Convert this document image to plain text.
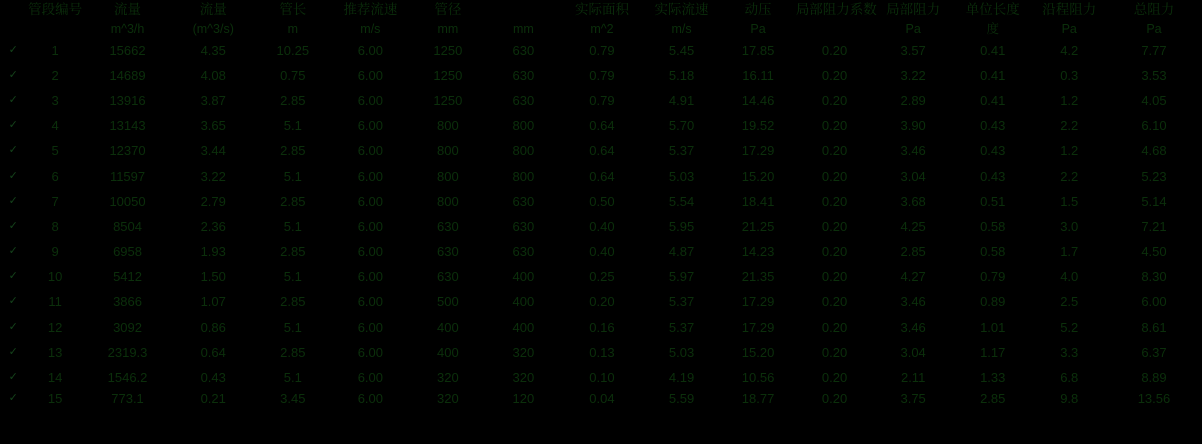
	管段编号	流量	流量	管长	推荐流速	管径		实际面积	实际流速	动压	局部阻力系数	局部阻力	单位长度	沿程阻力	总阻力
		m^3/h	(m^3/s)	m	m/s	mm	mm	m^2	m/s	Pa		Pa	度	Pa	Pa
✓	1	15662	4.35	10.25	6.00	1250	630	0.79	5.45	17.85	0.20	3.57	0.41	4.2	7.77
✓	2	14689	4.08	0.75	6.00	1250	630	0.79	5.18	16.11	0.20	3.22	0.41	0.3	3.53
✓	3	13916	3.87	2.85	6.00	1250	630	0.79	4.91	14.46	0.20	2.89	0.41	1.2	4.05
✓	4	13143	3.65	5.1	6.00	800	800	0.64	5.70	19.52	0.20	3.90	0.43	2.2	6.10
✓	5	12370	3.44	2.85	6.00	800	800	0.64	5.37	17.29	0.20	3.46	0.43	1.2	4.68
✓	6	11597	3.22	5.1	6.00	800	800	0.64	5.03	15.20	0.20	3.04	0.43	2.2	5.23
✓	7	10050	2.79	2.85	6.00	800	630	0.50	5.54	18.41	0.20	3.68	0.51	1.5	5.14
✓	8	8504	2.36	5.1	6.00	630	630	0.40	5.95	21.25	0.20	4.25	0.58	3.0	7.21
✓	9	6958	1.93	2.85	6.00	630	630	0.40	4.87	14.23	0.20	2.85	0.58	1.7	4.50
✓	10	5412	1.50	5.1	6.00	630	400	0.25	5.97	21.35	0.20	4.27	0.79	4.0	8.30
✓	11	3866	1.07	2.85	6.00	500	400	0.20	5.37	17.29	0.20	3.46	0.89	2.5	6.00
✓	12	3092	0.86	5.1	6.00	400	400	0.16	5.37	17.29	0.20	3.46	1.01	5.2	8.61
✓	13	2319.3	0.64	2.85	6.00	400	320	0.13	5.03	15.20	0.20	3.04	1.17	3.3	6.37
✓	14	1546.2	0.43	5.1	6.00	320	320	0.10	4.19	10.56	0.20	2.11	1.33	6.8	8.89
✓	15	773.1	0.21	3.45	6.00	320	120	0.04	5.59	18.77	0.20	3.75	2.85	9.8	13.56
